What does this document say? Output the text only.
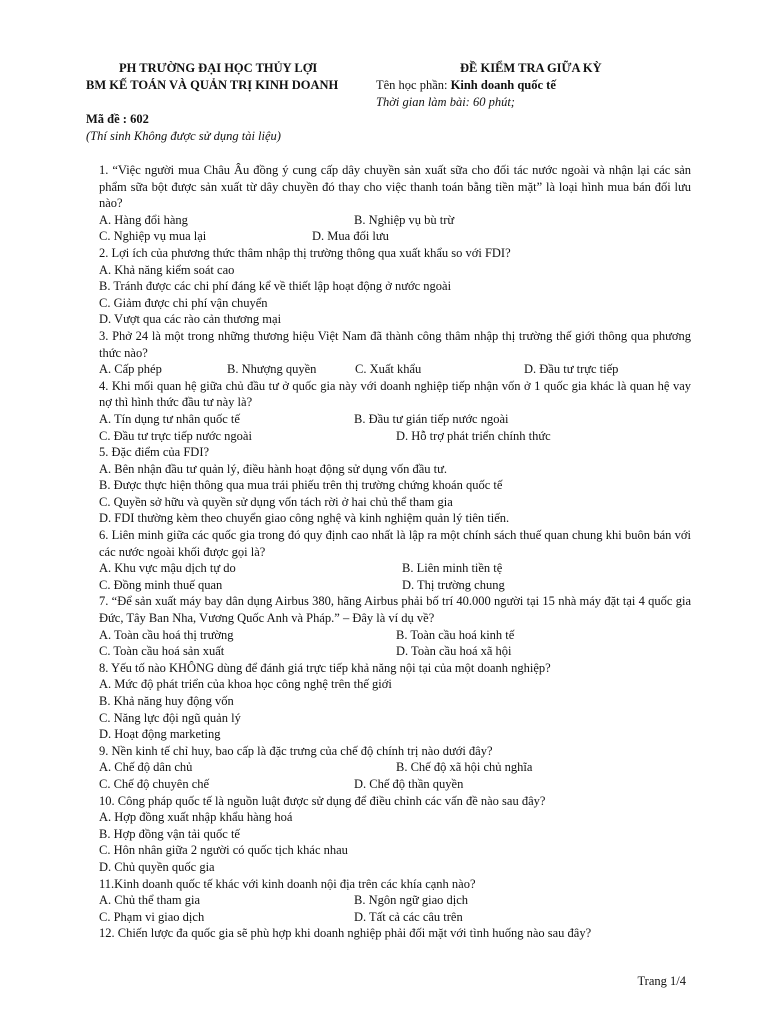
PH TRƯỜNG ĐẠI HỌC THỦY LỢI
BM KẾ TOÁN VÀ QUẢN TRỊ KINH DOANH
ĐỀ KIỂM TRA GIỮA KỲ
Tên học phần: Kinh doanh quốc tế
Thời gian làm bài: 60 phút;
Mã đề : 602
(Thí sinh Không được sử dụng tài liệu)
1. “Việc người mua Châu Âu đồng ý cung cấp dây chuyền sản xuất sữa cho đối tác nước ngoài và nhận lại các sản phẩm sữa bột được sản xuất từ dây chuyền đó thay cho việc thanh toán bằng tiền mặt” là loại hình mua bán đối lưu nào?
A. Hàng đổi hàng	B. Nghiệp vụ bù trừ
C. Nghiệp vụ mua lại	D. Mua đối lưu
2. Lợi ích của phương thức thâm nhập thị trường thông qua xuất khẩu so với FDI?
A. Khả năng kiểm soát cao
B. Tránh được các chi phí đáng kể về thiết lập hoạt động ở nước ngoài
C. Giảm được chi phí vận chuyển
D. Vượt qua các rào cản thương mại
3. Phở 24 là một trong những thương hiệu Việt Nam đã thành công thâm nhập thị trường thế giới thông qua phương thức nào?
A. Cấp phép	B. Nhượng quyền	C. Xuất khẩu	D. Đầu tư trực tiếp
4. Khi mối quan hệ giữa chủ đầu tư ở quốc gia này với doanh nghiệp tiếp nhận vốn ở 1 quốc gia khác là quan hệ vay nợ thì hình thức đầu tư này là?
A. Tín dụng tư nhân quốc tế	B. Đầu tư gián tiếp nước ngoài
C. Đầu tư trực tiếp nước ngoài	D. Hỗ trợ phát triển chính thức
5. Đặc điểm của FDI?
A. Bên nhận đầu tư quản lý, điều hành hoạt động sử dụng vốn đầu tư.
B. Được thực hiện thông qua mua trái phiếu trên thị trường chứng khoán quốc tế
C. Quyền sở hữu và quyền sử dụng vốn tách rời ở hai chủ thể tham gia
D. FDI thường kèm theo chuyển giao công nghệ và kinh nghiệm quản lý tiên tiến.
6. Liên minh giữa các quốc gia trong đó quy định cao nhất là lập ra một chính sách thuế quan chung khi buôn bán với các nước ngoài khối được gọi là?
A. Khu vực mậu dịch tự do	B. Liên minh tiền tệ
C. Đồng minh thuế quan	D. Thị trường chung
7. “Để sản xuất máy bay dân dụng Airbus 380, hãng Airbus phải bố trí 40.000 người tại 15 nhà máy đặt tại 4 quốc gia Đức, Tây Ban Nha, Vương Quốc Anh và Pháp.” – Đây là ví dụ về?
A. Toàn cầu hoá thị trường	B. Toàn cầu hoá kinh tế
C. Toàn cầu hoá sản xuất	D. Toàn cầu hoá xã hội
8. Yếu tố nào KHÔNG dùng để đánh giá trực tiếp khả năng nội tại của một doanh nghiệp?
A. Mức độ phát triển của khoa học công nghệ trên thế giới
B. Khả năng huy động vốn
C. Năng lực đội ngũ quản lý
D. Hoạt động marketing
9. Nền kinh tế chỉ huy, bao cấp là đặc trưng của chế độ chính trị nào dưới đây?
A. Chế độ dân chủ	B. Chế độ xã hội chủ nghĩa
C. Chế độ chuyên chế	D. Chế độ thần quyền
10. Công pháp quốc tế là nguồn luật được sử dụng để điều chỉnh các vấn đề nào sau đây?
A. Hợp đồng xuất nhập khẩu hàng hoá
B. Hợp đồng vận tải quốc tế
C. Hôn nhân giữa 2 người có quốc tịch khác nhau
D. Chủ quyền quốc gia
11.Kinh doanh quốc tế khác với kinh doanh nội địa trên các khía cạnh nào?
A. Chủ thể tham gia	B. Ngôn ngữ giao dịch
C. Phạm vi giao dịch	D. Tất cả các câu trên
12. Chiến lược đa quốc gia sẽ phù hợp khi doanh nghiệp phải đối mặt với tình huống nào sau đây?
Trang 1/4
